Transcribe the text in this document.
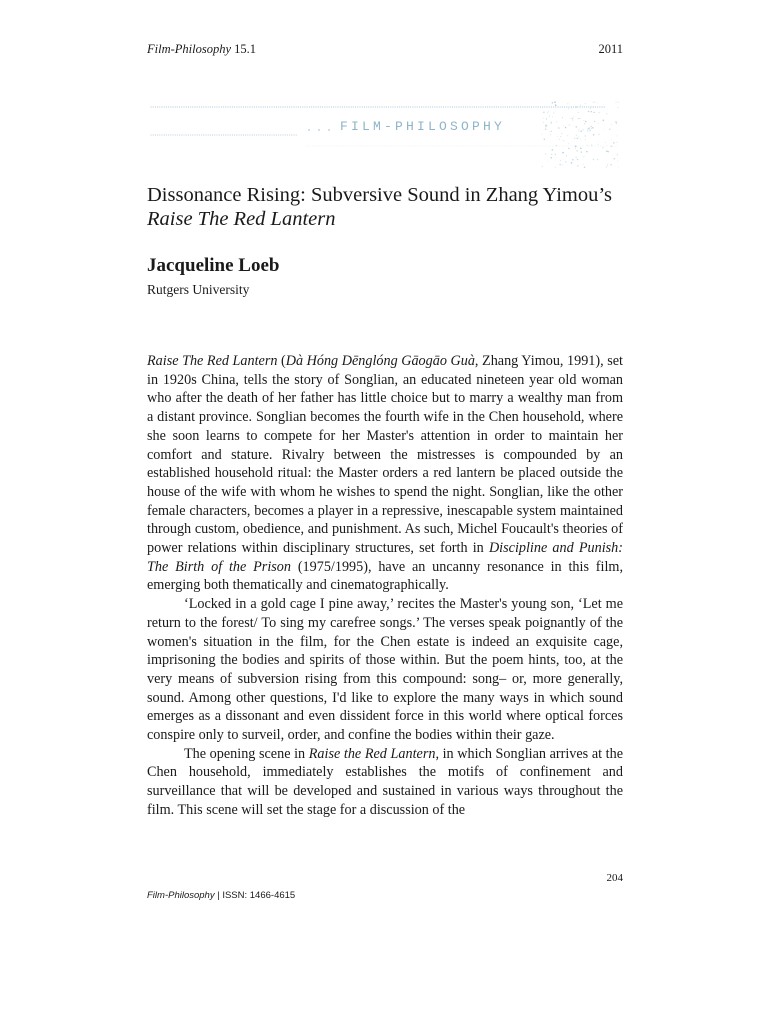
Film-Philosophy 15.1	2011
FILM-PHILOSOPHY
Dissonance Rising: Subversive Sound in Zhang Yimou’s Raise The Red Lantern
Jacqueline Loeb
Rutgers University

Raise The Red Lantern (Dà Hóng Dēnglóng Gāogāo Guà, Zhang Yimou, 1991), set in 1920s China, tells the story of Songlian, an educated nineteen year old woman who after the death of her father has little choice but to marry a wealthy man from a distant province. Songlian becomes the fourth wife in the Chen household, where she soon learns to compete for her Master's attention in order to maintain her comfort and stature. Rivalry between the mistresses is compounded by an established household ritual: the Master orders a red lantern be placed outside the house of the wife with whom he wishes to spend the night. Songlian, like the other female characters, becomes a player in a repressive, inescapable system maintained through custom, obedience, and punishment. As such, Michel Foucault's theories of power relations within disciplinary structures, set forth in Discipline and Punish: The Birth of the Prison (1975/1995), have an uncanny resonance in this film, emerging both thematically and cinematographically.

‘Locked in a gold cage I pine away,’ recites the Master's young son, ‘Let me return to the forest/ To sing my carefree songs.’ The verses speak poignantly of the women's situation in the film, for the Chen estate is indeed an exquisite cage, imprisoning the bodies and spirits of those within. But the poem hints, too, at the very means of subversion rising from this compound: song– or, more generally, sound. Among other questions, I'd like to explore the many ways in which sound emerges as a dissonant and even dissident force in this world where optical forces conspire only to surveil, order, and confine the bodies within their gaze.

The opening scene in Raise the Red Lantern, in which Songlian arrives at the Chen household, immediately establishes the motifs of confinement and surveillance that will be developed and sustained in various ways throughout the film. This scene will set the stage for a discussion of the

204
Film-Philosophy | ISSN: 1466-4615
